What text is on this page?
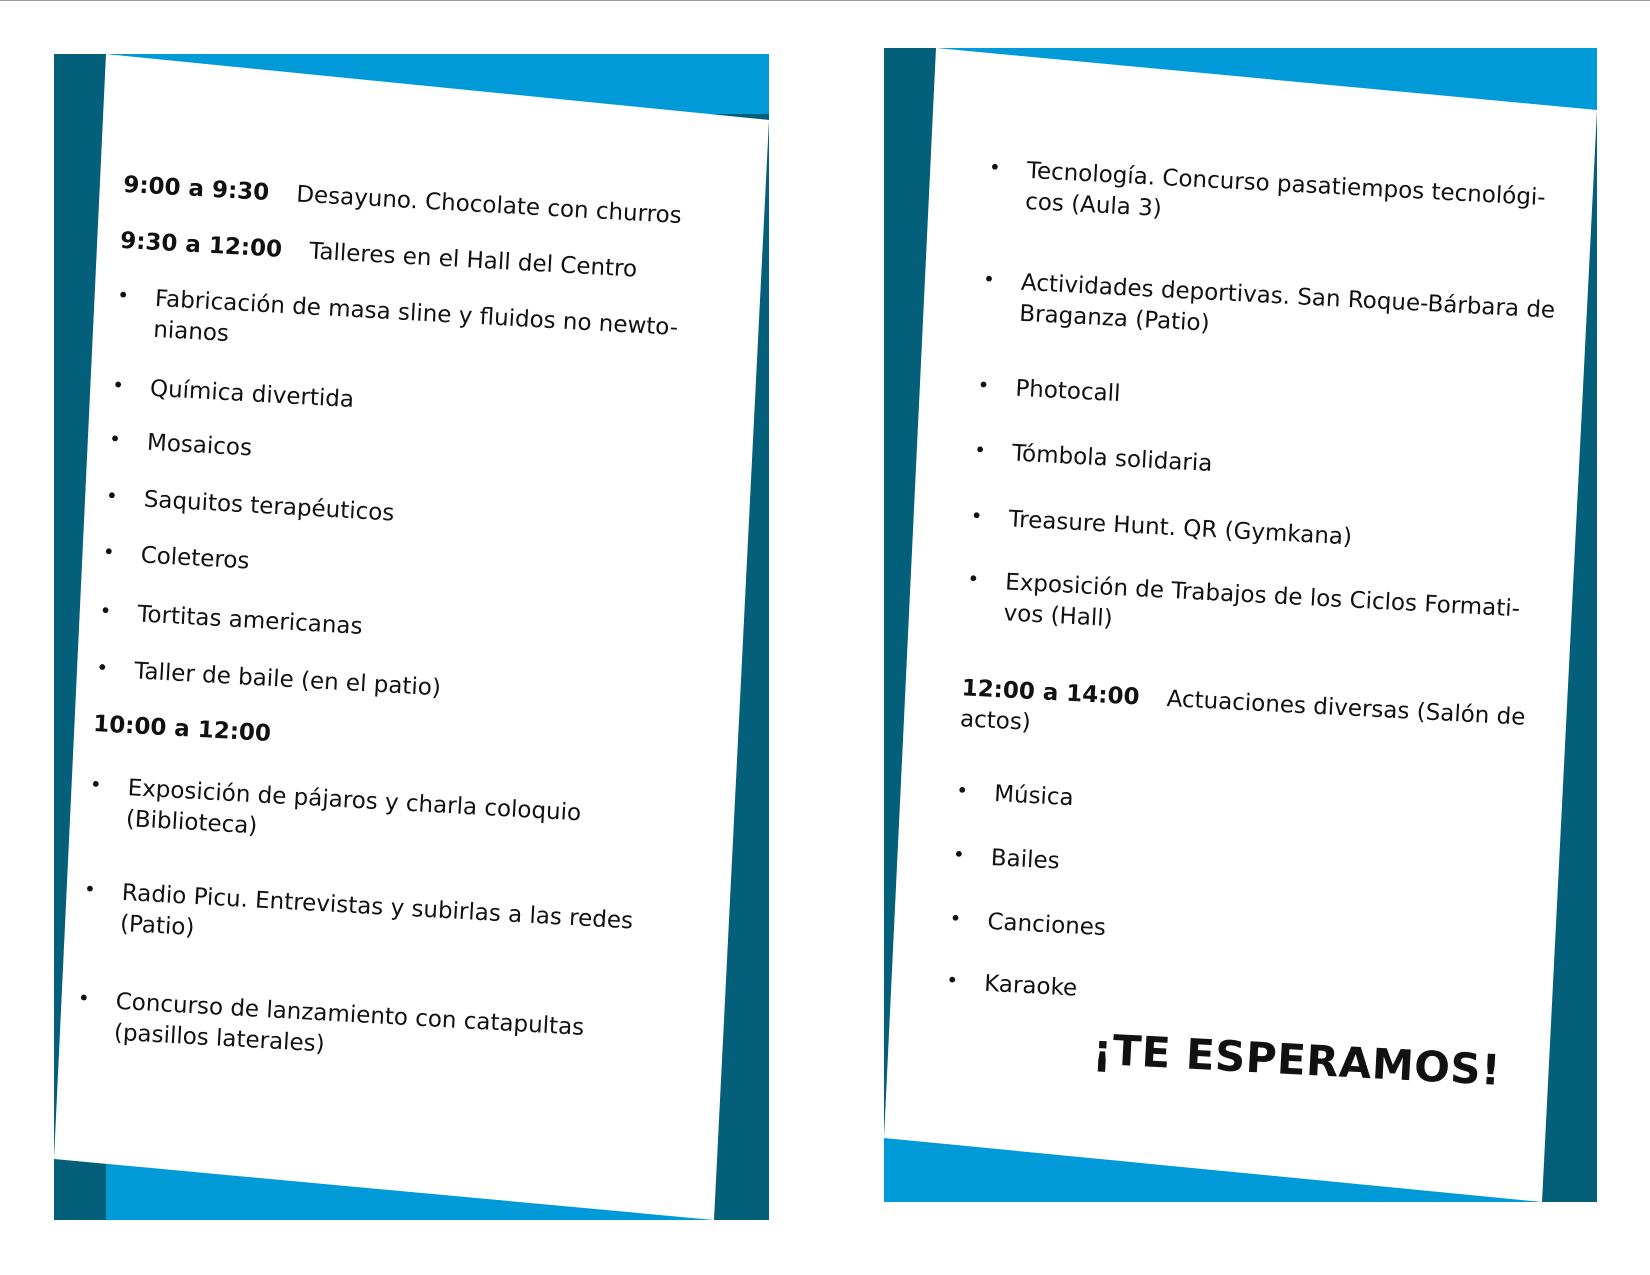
9:00 a 9:30 Desayuno. Chocolate con churros
9:30 a 12:00 Talleres en el Hall del Centro
• Fabricación de masa sline y fluidos no newto-nianos
• Química divertida
• Mosaicos
• Saquitos terapéuticos
• Coleteros
• Tortitas americanas
• Taller de baile (en el patio)
10:00 a 12:00
• Exposición de pájaros y charla coloquio (Biblioteca)
• Radio Picu. Entrevistas y subirlas a las redes (Patio)
• Concurso de lanzamiento con catapultas (pasillos laterales)
• Tecnología. Concurso pasatiempos tecnológi-cos (Aula 3)
• Actividades deportivas. San Roque-Bárbara de Braganza (Patio)
• Photocall
• Tómbola solidaria
• Treasure Hunt. QR (Gymkana)
• Exposición de Trabajos de los Ciclos Formati-vos (Hall)
12:00 a 14:00 Actuaciones diversas (Salón de actos)
• Música
• Bailes
• Canciones
• Karaoke
¡TE ESPERAMOS!
